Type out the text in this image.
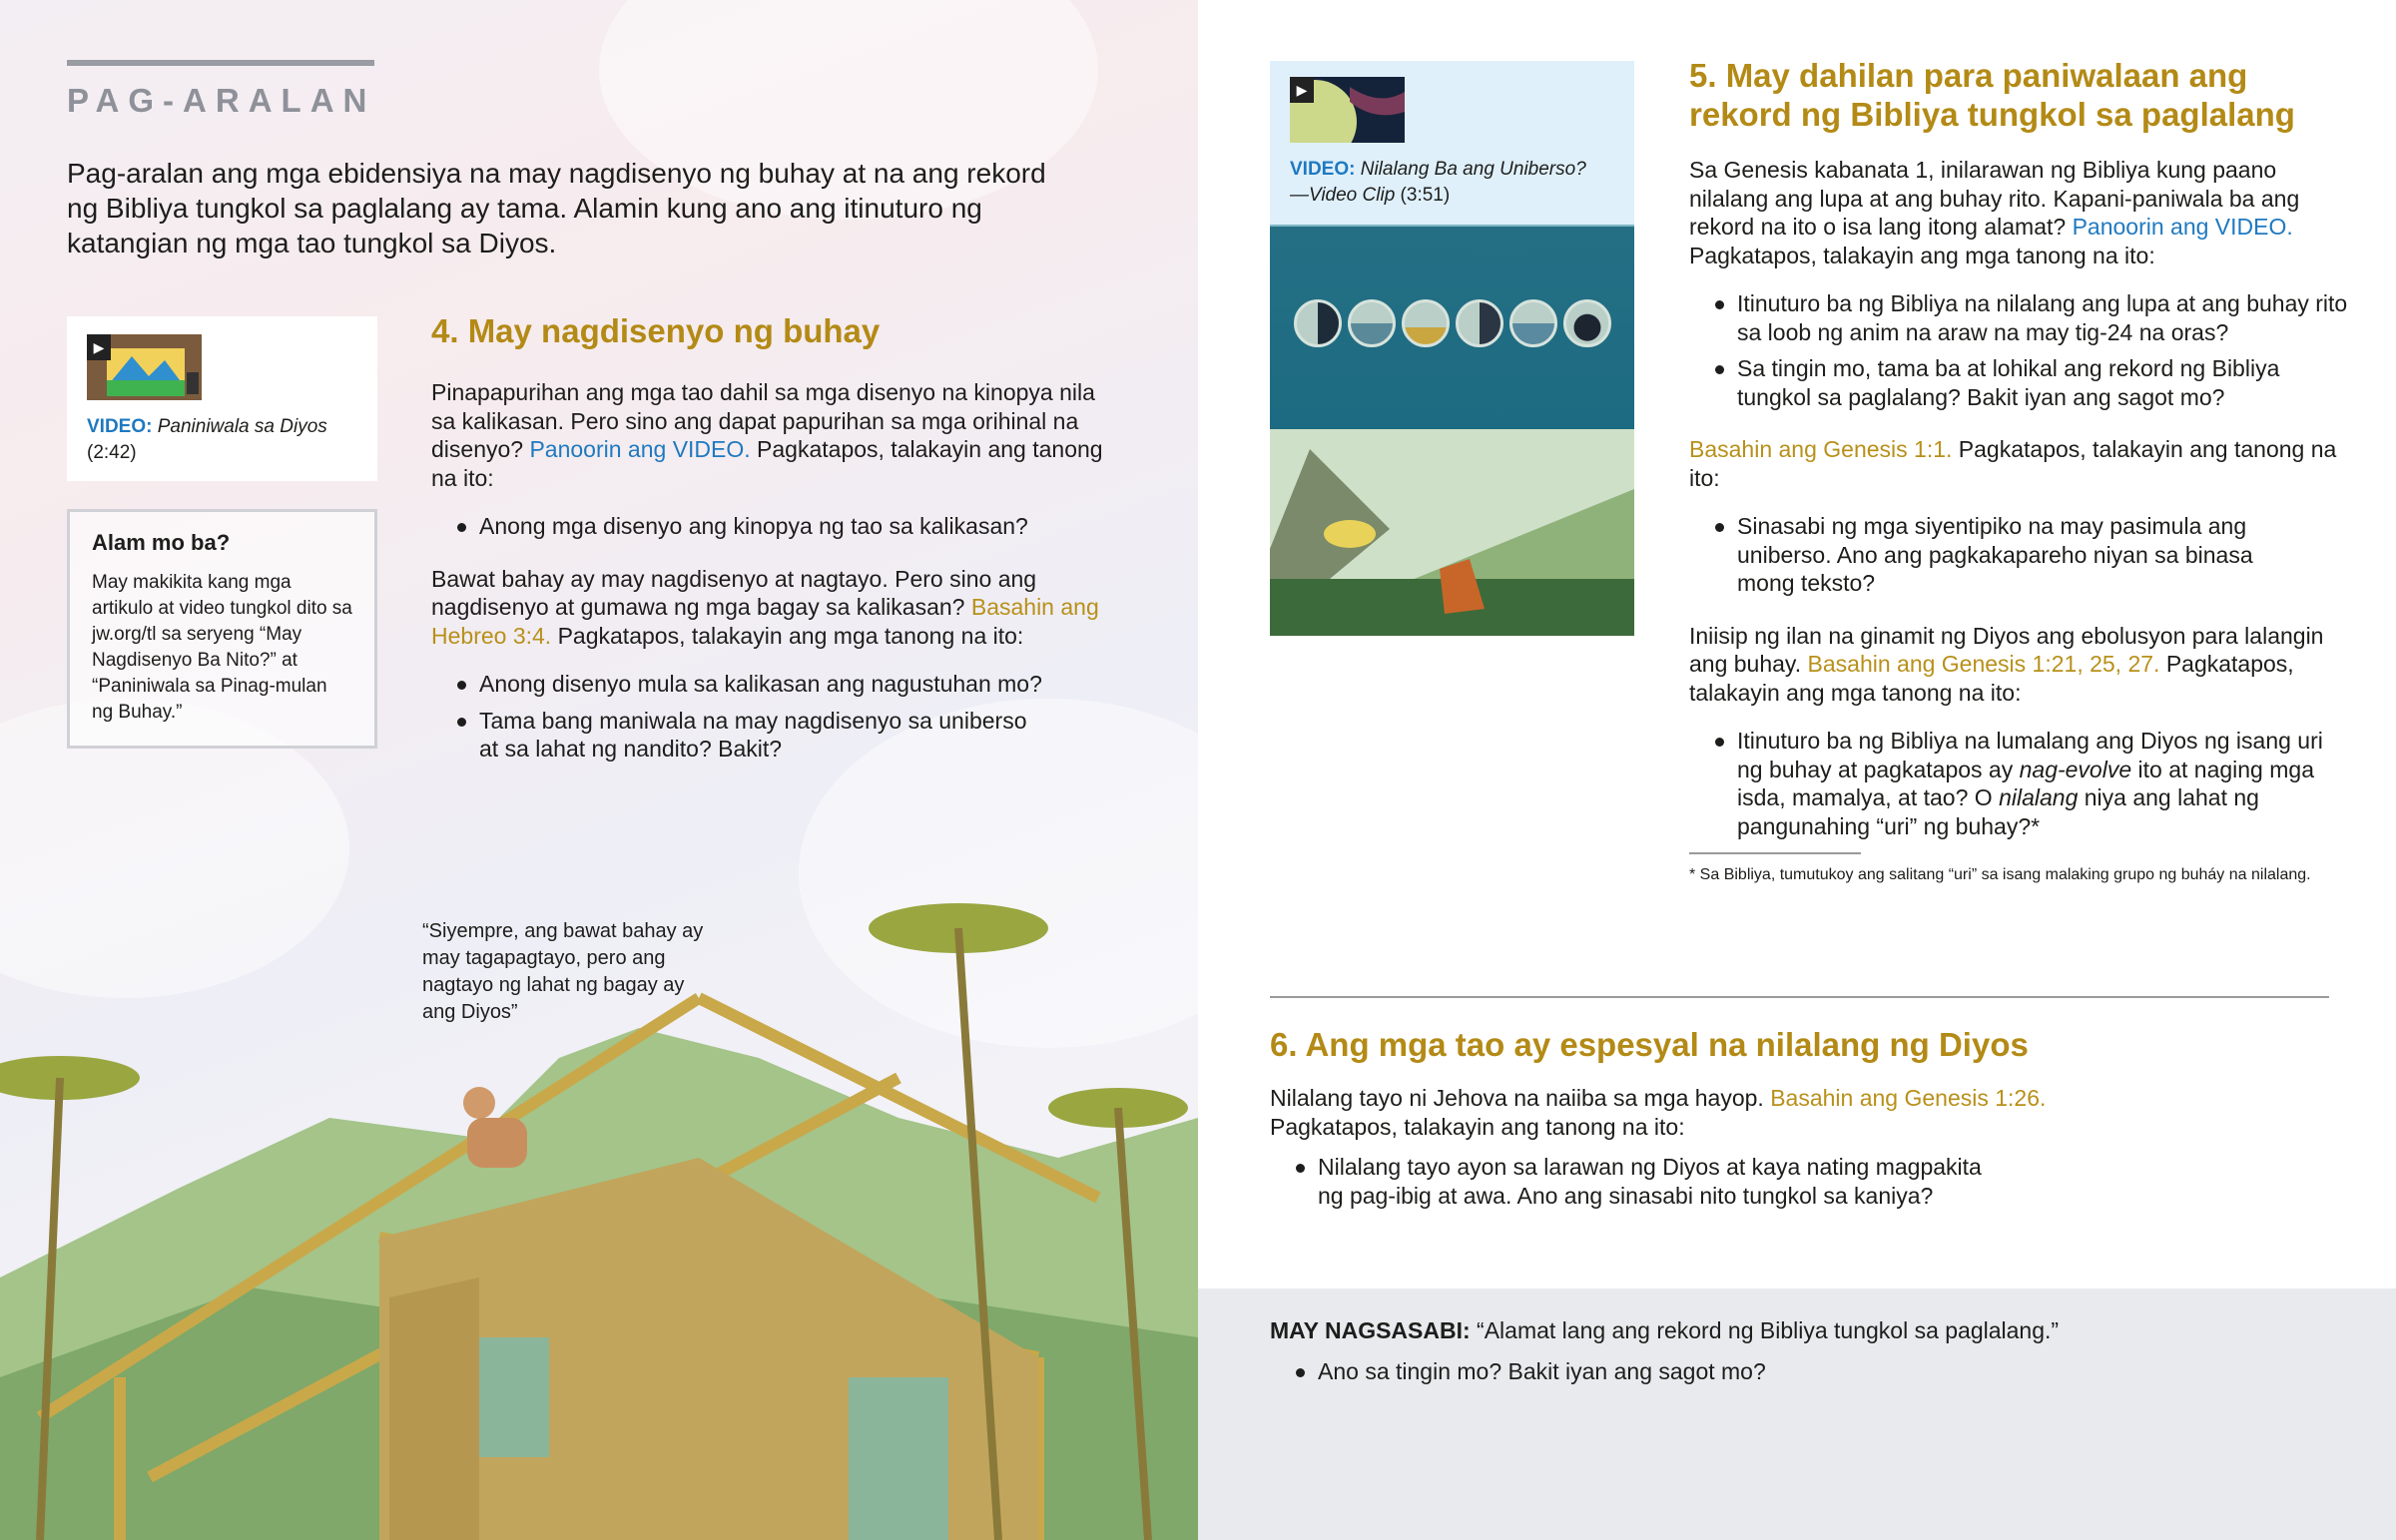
PAG-ARALAN
Pag-aralan ang mga ebidensiya na may nagdisenyo ng buhay at na ang rekord ng Bibliya tungkol sa paglalang ay tama. Alamin kung ano ang itinuturo ng katangian ng mga tao tungkol sa Diyos.
▶
VIDEO: Paniniwala sa Diyos
(2:42)
Alam mo ba?

May makikita kang mga artikulo at video tungkol dito sa jw.org/tl sa seryeng “May Nagdisenyo Ba Nito?” at “Paniniwala sa Pinag-mulan ng Buhay.”

4. May nagdisenyo ng buhay

Pinapapurihan ang mga tao dahil sa mga disenyo na kinopya nila sa kalikasan. Pero sino ang dapat papurihan sa mga orihinal na disenyo? Panoorin ang VIDEO. Pagkatapos, talakayin ang tanong na ito:

Anong mga disenyo ang kinopya ng tao sa kalikasan?

Bawat bahay ay may nagdisenyo at nagtayo. Pero sino ang nagdisenyo at gumawa ng mga bagay sa kalikasan? Basahin ang Hebreo 3:4. Pagkatapos, talakayin ang mga tanong na ito:

Anong disenyo mula sa kalikasan ang nagustuhan mo?
Tama bang maniwala na may nagdisenyo sa uniberso at sa lahat ng nandito? Bakit?
“Siyempre, ang bawat bahay ay may tagapagtayo, pero ang nagtayo ng lahat ng bagay ay ang Diyos”
▶
VIDEO: Nilalang Ba ang Uniberso?
—Video Clip (3:51)
5. May dahilan para paniwalaan ang rekord ng Bibliya tungkol sa paglalang

Sa Genesis kabanata 1, inilarawan ng Bibliya kung paano nilalang ang lupa at ang buhay rito. Kapani-paniwala ba ang rekord na ito o isa lang itong alamat? Panoorin ang VIDEO. Pagkatapos, talakayin ang mga tanong na ito:

Itinuturo ba ng Bibliya na nilalang ang lupa at ang buhay rito sa loob ng anim na araw na may tig-24 na oras?
Sa tingin mo, tama ba at lohikal ang rekord ng Bibliya tungkol sa paglalang? Bakit iyan ang sagot mo?

Basahin ang Genesis 1:1. Pagkatapos, talakayin ang tanong na ito:

Sinasabi ng mga siyentipiko na may pasimula ang uniberso. Ano ang pagkakapareho niyan sa binasa mong teksto?

Iniisip ng ilan na ginamit ng Diyos ang ebolusyon para lalangin ang buhay. Basahin ang Genesis 1:21, 25, 27. Pagkatapos, talakayin ang mga tanong na ito:

Itinuturo ba ng Bibliya na lumalang ang Diyos ng isang uri ng buhay at pagkatapos ay nag-evolve ito at naging mga isda, mamalya, at tao? O nilalang niya ang lahat ng pangunahing “uri” ng buhay?*
* Sa Bibliya, tumutukoy ang salitang “uri” sa isang malaking grupo ng buháy na nilalang.
6. Ang mga tao ay espesyal na nilalang ng Diyos

Nilalang tayo ni Jehova na naiiba sa mga hayop. Basahin ang Genesis 1:26. Pagkatapos, talakayin ang tanong na ito:

Nilalang tayo ayon sa larawan ng Diyos at kaya nating magpakita ng pag-ibig at awa. Ano ang sinasabi nito tungkol sa kaniya?

MAY NAGSASABI: “Alamat lang ang rekord ng Bibliya tungkol sa paglalang.”

Ano sa tingin mo? Bakit iyan ang sagot mo?
